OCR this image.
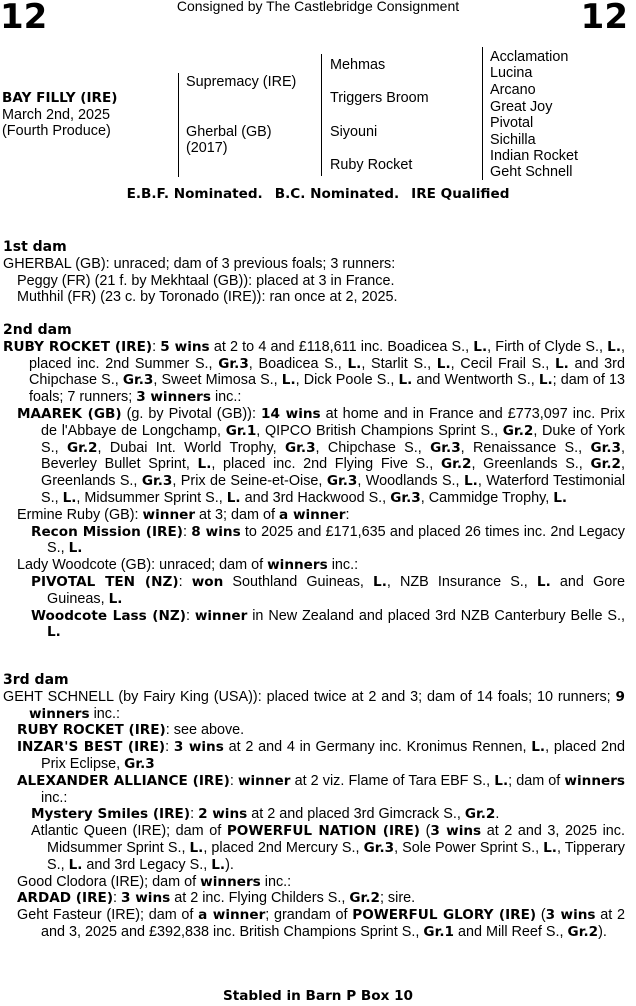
12	12
Consigned by The Castlebridge Consignment
BAY FILLY (IRE)
March 2nd, 2025
(Fourth Produce)
Supremacy (IRE)
Gherbal (GB)
(2017)
Mehmas
Triggers Broom
Siyouni
Ruby Rocket
Acclamation
Lucina
Arcano
Great Joy
Pivotal
Sichilla
Indian Rocket
Geht Schnell
E.B.F. Nominated. B.C. Nominated. IRE Qualified

1st dam

GHERBAL (GB): unraced; dam of 3 previous foals; 3 runners:

Peggy (FR) (21 f. by Mekhtaal (GB)): placed at 3 in France.

Muthhil (FR) (23 c. by Toronado (IRE)): ran once at 2, 2025.

2nd dam

RUBY ROCKET (IRE): 5 wins at 2 to 4 and £118,611 inc. Boadicea S., L., Firth of Clyde S., L., placed inc. 2nd Summer S., Gr.3, Boadicea S., L., Starlit S., L., Cecil Frail S., L. and 3rd Chipchase S., Gr.3, Sweet Mimosa S., L., Dick Poole S., L. and Wentworth S., L.; dam of 13 foals; 7 runners; 3 winners inc.:

MAAREK (GB) (g. by Pivotal (GB)): 14 wins at home and in France and £773,097 inc. Prix de l'Abbaye de Longchamp, Gr.1, QIPCO British Champions Sprint S., Gr.2, Duke of York S., Gr.2, Dubai Int. World Trophy, Gr.3, Chipchase S., Gr.3, Renaissance S., Gr.3, Beverley Bullet Sprint, L., placed inc. 2nd Flying Five S., Gr.2, Greenlands S., Gr.2, Greenlands S., Gr.3, Prix de Seine-et-Oise, Gr.3, Woodlands S., L., Waterford Testimonial S., L., Midsummer Sprint S., L. and 3rd Hackwood S., Gr.3, Cammidge Trophy, L.

Ermine Ruby (GB): winner at 3; dam of a winner:

Recon Mission (IRE): 8 wins to 2025 and £171,635 and placed 26 times inc. 2nd Legacy S., L.

Lady Woodcote (GB): unraced; dam of winners inc.:

PIVOTAL TEN (NZ): won Southland Guineas, L., NZB Insurance S., L. and Gore Guineas, L.

Woodcote Lass (NZ): winner in New Zealand and placed 3rd NZB Canterbury Belle S., L.

3rd dam

GEHT SCHNELL (by Fairy King (USA)): placed twice at 2 and 3; dam of 14 foals; 10 runners; 9 winners inc.:

RUBY ROCKET (IRE): see above.

INZAR'S BEST (IRE): 3 wins at 2 and 4 in Germany inc. Kronimus Rennen, L., placed 2nd Prix Eclipse, Gr.3

ALEXANDER ALLIANCE (IRE): winner at 2 viz. Flame of Tara EBF S., L.; dam of winners inc.:

Mystery Smiles (IRE): 2 wins at 2 and placed 3rd Gimcrack S., Gr.2.

Atlantic Queen (IRE); dam of POWERFUL NATION (IRE) (3 wins at 2 and 3, 2025 inc. Midsummer Sprint S., L., placed 2nd Mercury S., Gr.3, Sole Power Sprint S., L., Tipperary S., L. and 3rd Legacy S., L.).

Good Clodora (IRE); dam of winners inc.:

ARDAD (IRE): 3 wins at 2 inc. Flying Childers S., Gr.2; sire.

Geht Fasteur (IRE); dam of a winner; grandam of POWERFUL GLORY (IRE) (3 wins at 2 and 3, 2025 and £392,838 inc. British Champions Sprint S., Gr.1 and Mill Reef S., Gr.2).

Stabled in Barn P Box 10
